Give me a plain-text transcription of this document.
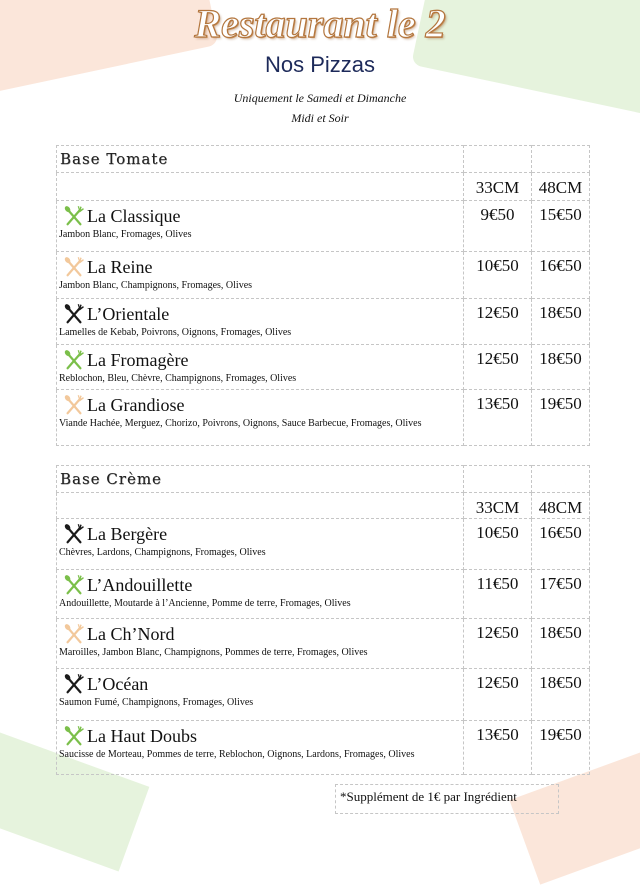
Restaurant le 2
Nos Pizzas
Uniquement le Samedi et Dimanche
Midi et Soir
Base Tomate		
	33CM	48CM

La Classique
Jambon Blanc, Fromages, Olives	9€50	15€50

La Reine
Jambon Blanc, Champignons, Fromages, Olives	10€50	16€50

L’Orientale
Lamelles de Kebab, Poivrons, Oignons, Fromages, Olives	12€50	18€50

La Fromagère
Reblochon, Bleu, Chèvre, Champignons, Fromages, Olives	12€50	18€50

La Grandiose
Viande Hachée, Merguez, Chorizo, Poivrons, Oignons, Sauce Barbecue, Fromages, Olives	13€50	19€50
Base Crème		
	33CM	48CM

La Bergère
Chèvres, Lardons, Champignons, Fromages, Olives	10€50	16€50

L’Andouillette
Andouillette, Moutarde à l’Ancienne, Pomme de terre, Fromages, Olives	11€50	17€50

La Ch’Nord
Maroilles, Jambon Blanc, Champignons, Pommes de terre, Fromages, Olives	12€50	18€50

L’Océan
Saumon Fumé, Champignons, Fromages, Olives	12€50	18€50

La Haut Doubs
Saucisse de Morteau, Pommes de terre, Reblochon, Oignons, Lardons, Fromages, Olives	13€50	19€50
*Supplément de 1€ par Ingrédient
